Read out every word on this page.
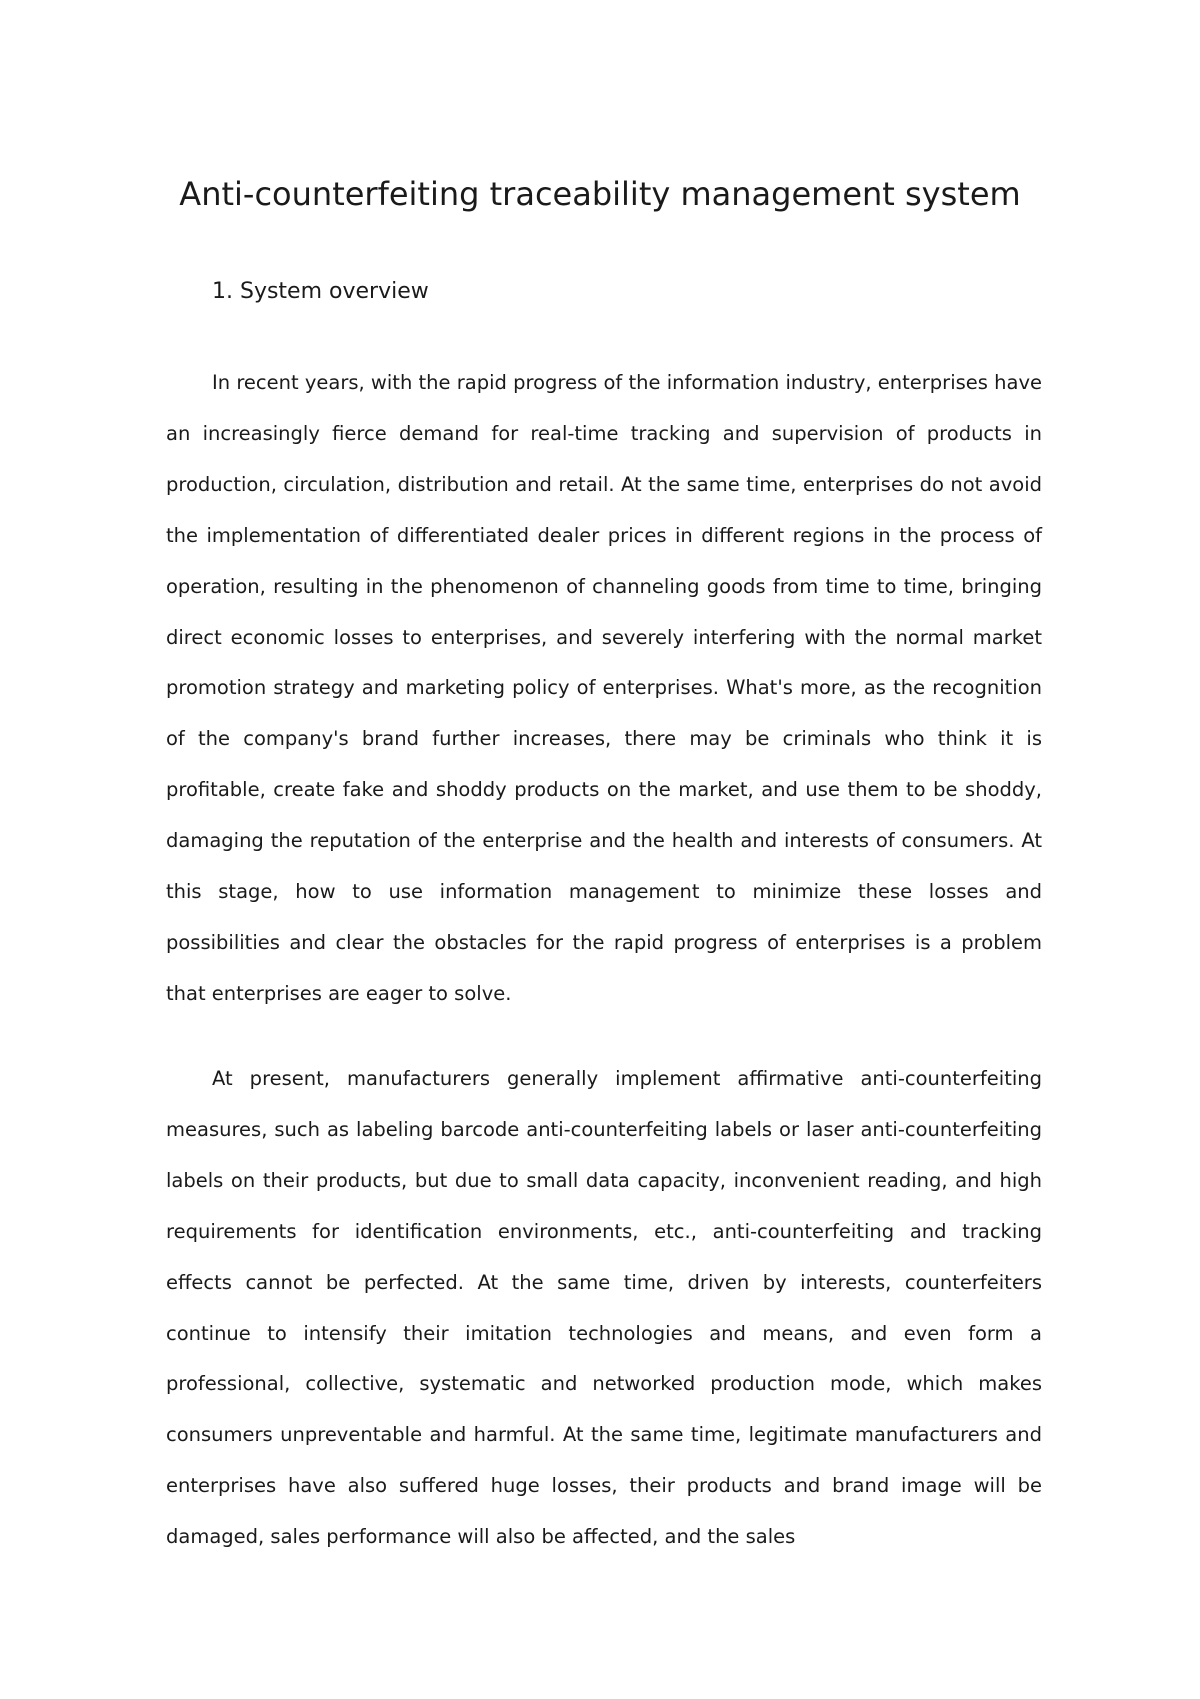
Anti-counterfeiting traceability management system
1. System overview

In recent years, with the rapid progress of the information industry, enterprises have an increasingly fierce demand for real-time tracking and supervision of products in production, circulation, distribution and retail. At the same time, enterprises do not avoid the implementation of differentiated dealer prices in different regions in the process of operation, resulting in the phenomenon of channeling goods from time to time, bringing direct economic losses to enterprises, and severely interfering with the normal market promotion strategy and marketing policy of enterprises. What's more, as the recognition of the company's brand further increases, there may be criminals who think it is profitable, create fake and shoddy products on the market, and use them to be shoddy, damaging the reputation of the enterprise and the health and interests of consumers. At this stage, how to use information management to minimize these losses and possibilities and clear the obstacles for the rapid progress of enterprises is a problem that enterprises are eager to solve.

At present, manufacturers generally implement affirmative anti-counterfeiting measures, such as labeling barcode anti-counterfeiting labels or laser anti-counterfeiting labels on their products, but due to small data capacity, inconvenient reading, and high requirements for identification environments, etc., anti-counterfeiting and tracking effects cannot be perfected. At the same time, driven by interests, counterfeiters continue to intensify their imitation technologies and means, and even form a professional, collective, systematic and networked production mode, which makes consumers unpreventable and harmful. At the same time, legitimate manufacturers and enterprises have also suffered huge losses, their products and brand image will be damaged, sales performance will also be affected, and the sales
